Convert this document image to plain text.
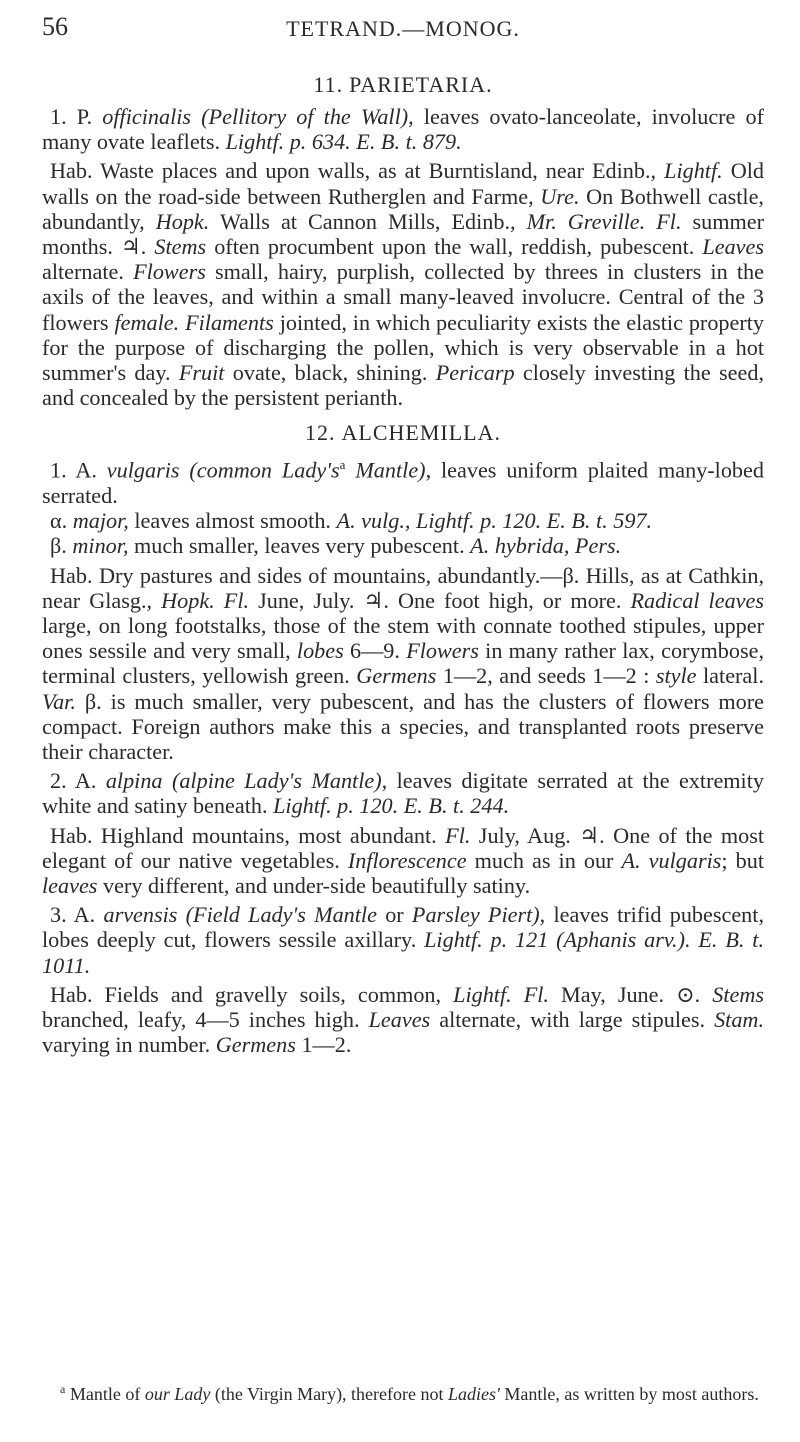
56	TETRAND.—MONOG.
11. PARIETARIA.

1. P. officinalis (Pellitory of the Wall), leaves ovato-lanceolate, involucre of many ovate leaflets. Lightf. p. 634. E. B. t. 879.

Hab. Waste places and upon walls, as at Burntisland, near Edinb., Lightf. Old walls on the road-side between Rutherglen and Farme, Ure. On Bothwell castle, abundantly, Hopk. Walls at Cannon Mills, Edinb., Mr. Greville. Fl. summer months. ♃. Stems often procumbent upon the wall, reddish, pubescent. Leaves alternate. Flowers small, hairy, purplish, collected by threes in clusters in the axils of the leaves, and within a small many-leaved involucre. Central of the 3 flowers female. Filaments jointed, in which peculiarity exists the elastic property for the purpose of discharging the pollen, which is very observable in a hot summer's day. Fruit ovate, black, shining. Pericarp closely investing the seed, and concealed by the persistent perianth.

12. ALCHEMILLA.

1. A. vulgaris (common $Lady's^a$ Mantle), leaves uniform plaited many-lobed serrated.

α. major, leaves almost smooth. A. vulg., Lightf. p. 120. E. B. t. 597.

β. minor, much smaller, leaves very pubescent. A. hybrida, Pers.

Hab. Dry pastures and sides of mountains, abundantly.—β. Hills, as at Cathkin, near Glasg., Hopk. Fl. June, July. ♃. One foot high, or more. Radical leaves large, on long footstalks, those of the stem with connate toothed stipules, upper ones sessile and very small, lobes 6—9. Flowers in many rather lax, corymbose, terminal clusters, yellowish green. Germens 1—2, and seeds 1—2 : style lateral. Var. β. is much smaller, very pubescent, and has the clusters of flowers more compact. Foreign authors make this a species, and transplanted roots preserve their character.

2. A. alpina (alpine Lady's Mantle), leaves digitate serrated at the extremity white and satiny beneath. Lightf. p. 120. E. B. t. 244.

Hab. Highland mountains, most abundant. Fl. July, Aug. ♃. One of the most elegant of our native vegetables. Inflorescence much as in our A. vulgaris; but leaves very different, and under-side beautifully satiny.

3. A. arvensis (Field Lady's Mantle or Parsley Piert), leaves trifid pubescent, lobes deeply cut, flowers sessile axillary. Lightf. p. 121 (Aphanis arv.). E. B. t. 1011.

Hab. Fields and gravelly soils, common, Lightf. Fl. May, June. ⊙. Stems branched, leafy, 4—5 inches high. Leaves alternate, with large stipules. Stam. varying in number. Germens 1—2.

$^a$ Mantle of our Lady (the Virgin Mary), therefore not Ladies' Mantle, as written by most authors.
